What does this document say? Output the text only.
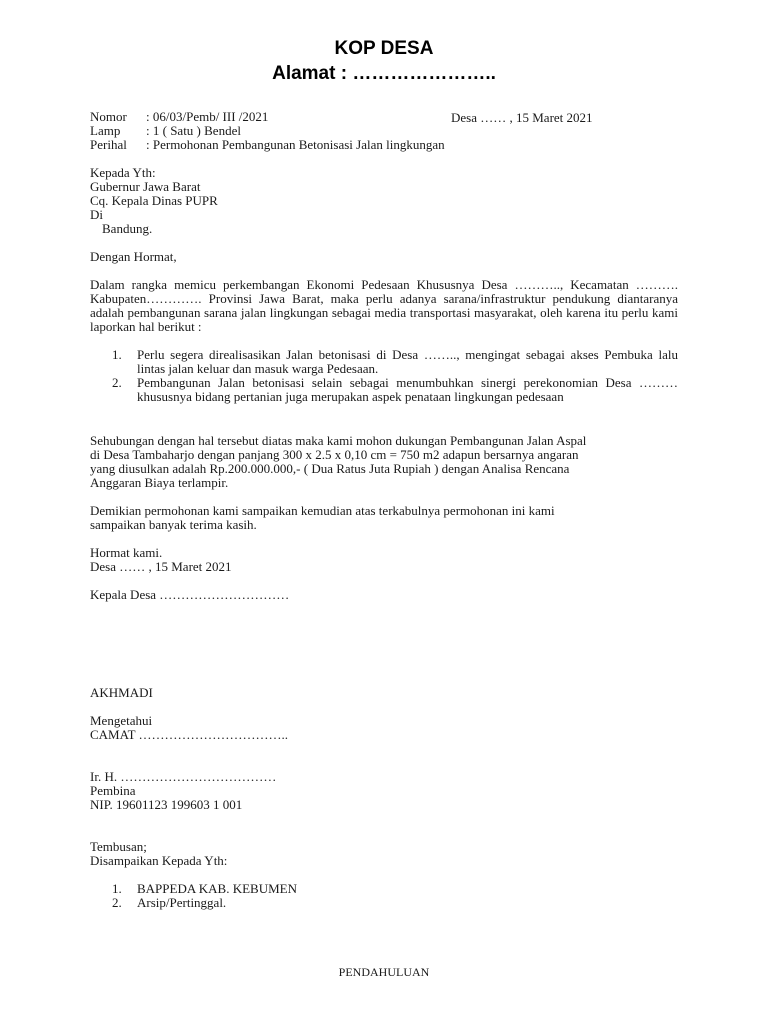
KOP DESA
Alamat : …………………..
Nomor : 06/03/Pemb/ III /2021
Lamp : 1 ( Satu ) Bendel
Perihal : Permohonan Pembangunan Betonisasi Jalan lingkungan
Desa …… , 15 Maret 2021
Kepada Yth:
Gubernur Jawa Barat
Cq. Kepala Dinas PUPR
Di
Bandung.
Dengan Hormat,
Dalam rangka memicu perkembangan Ekonomi Pedesaan Khususnya Desa ……….., Kecamatan ………. Kabupaten…………. Provinsi Jawa Barat, maka perlu adanya sarana/infrastruktur pendukung diantaranya adalah pembangunan sarana jalan lingkungan sebagai media transportasi masyarakat, oleh karena itu perlu kami laporkan hal berikut :
1. Perlu segera direalisasikan Jalan betonisasi di Desa …….., mengingat sebagai akses Pembuka lalu lintas jalan keluar dan masuk warga Pedesaan.
2. Pembangunan Jalan betonisasi selain sebagai menumbuhkan sinergi perekonomian Desa ……… khususnya bidang pertanian juga merupakan aspek penataan lingkungan pedesaan
Sehubungan dengan hal tersebut diatas maka kami mohon dukungan Pembangunan Jalan Aspal
di Desa Tambaharjo dengan panjang 300 x 2.5 x 0,10 cm = 750 m2 adapun bersarnya angaran
yang diusulkan adalah Rp.200.000.000,- ( Dua Ratus Juta Rupiah ) dengan Analisa Rencana
Anggaran Biaya terlampir.
Demikian permohonan kami sampaikan kemudian atas terkabulnya permohonan ini kami
sampaikan banyak terima kasih.
Hormat kami.
Desa …… , 15 Maret 2021
Kepala Desa …………………………
AKHMADI
Mengetahui
CAMAT ……………………………..
Ir. H. ………………………………
Pembina
NIP. 19601123 199603 1 001
Tembusan;
Disampaikan Kepada Yth:
1. BAPPEDA KAB. KEBUMEN
2. Arsip/Pertinggal.
PENDAHULUAN
